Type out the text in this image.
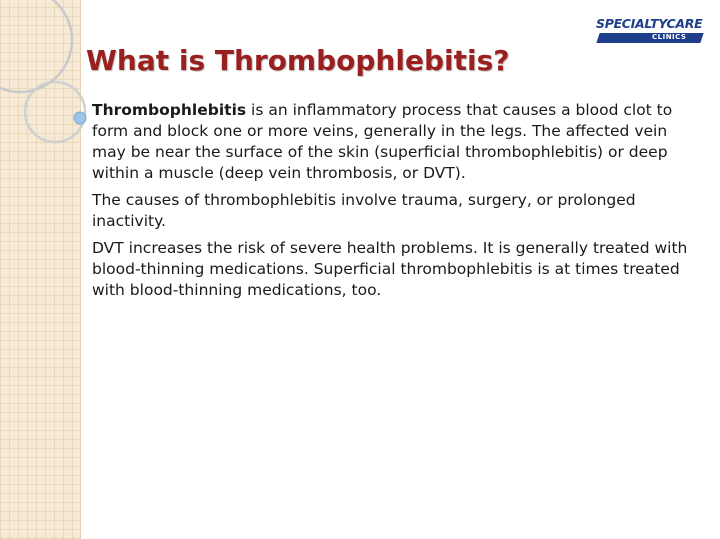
SPECIALTYCARE
CLINICS
What is Thrombophlebitis?

Thrombophlebitis is an inflammatory process that causes a blood clot to form and block one or more veins, generally in the legs. The affected vein may be near the surface of the skin (superficial thrombophlebitis) or deep within a muscle (deep vein thrombosis, or DVT).

The causes of thrombophlebitis involve trauma, surgery, or prolonged inactivity.

DVT increases the risk of severe health problems. It is generally treated with blood-thinning medications. Superficial thrombophlebitis is at times treated with blood-thinning medications, too.
